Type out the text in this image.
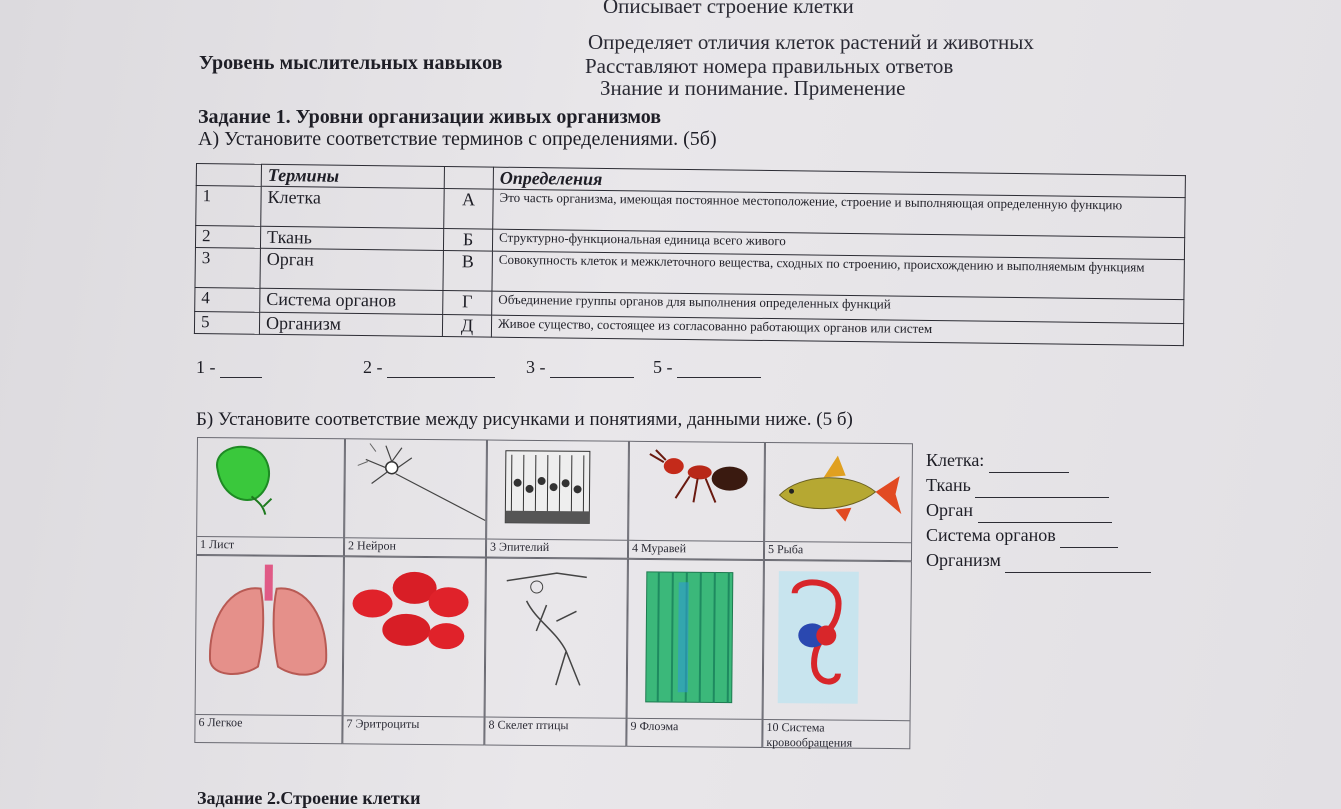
Описывает строение клетки
Определяет отличия клеток растений и животных
Расставляют номера правильных ответов
Уровень мыслительных навыков
Знание и понимание. Применение
Задание 1. Уровни организации живых организмов
А) Установите соответствие терминов с определениями. (5б)
	Термины		Определения
1	Клетка	А	Это часть организма, имеющая постоянное местоположение, строение и выполняющая определенную функцию
2	Ткань	Б	Структурно-функциональная единица всего живого
3	Орган	В	Совокупность клеток и межклеточного вещества, сходных по строению, происхождению и выполняемым функциям
4	Система органов	Г	Объединение группы органов для выполнения определенных функций
5	Организм	Д	Живое существо, состоящее из согласованно работающих органов или систем
1 -	2 -	3 -	5 -
Б) Установите соответствие между рисунками и понятиями, данными ниже. (5 б)
1 Лист	2 Нейрон	3 Эпителий	4 Муравей	5 Рыба
6 Легкое	7 Эритроциты	8 Скелет птицы	9 Флоэма	10 Система кровообращения
Клетка:
Ткань
Орган
Система органов
Организм
Задание 2.Строение клетки
